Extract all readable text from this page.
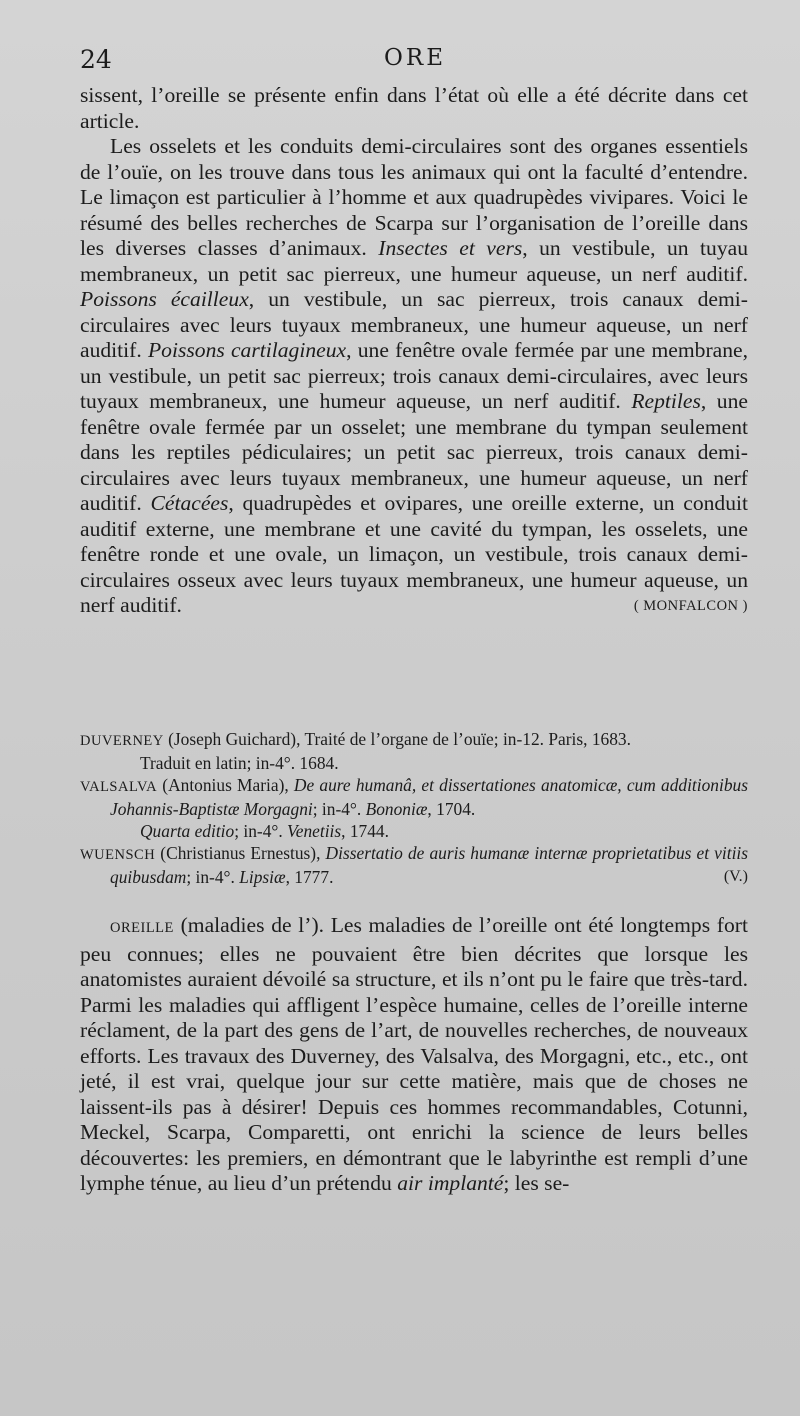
24	ORE

sissent, l’oreille se présente enfin dans l’état où elle a été décrite dans cet article.

Les osselets et les conduits demi-circulaires sont des organes essentiels de l’ouïe, on les trouve dans tous les animaux qui ont la faculté d’entendre. Le limaçon est particulier à l’homme et aux quadrupèdes vivipares. Voici le résumé des belles recherches de Scarpa sur l’organisation de l’oreille dans les diverses classes d’animaux. Insectes et vers, un vestibule, un tuyau membraneux, un petit sac pierreux, une humeur aqueuse, un nerf auditif. Poissons écailleux, un vestibule, un sac pierreux, trois canaux demi-circulaires avec leurs tuyaux membraneux, une humeur aqueuse, un nerf auditif. Poissons cartilagineux, une fenêtre ovale fermée par une membrane, un vestibule, un petit sac pierreux; trois canaux demi-circulaires, avec leurs tuyaux membraneux, une humeur aqueuse, un nerf auditif. Reptiles, une fenêtre ovale fermée par un osselet; une membrane du tympan seulement dans les reptiles pédiculaires; un petit sac pierreux, trois canaux demi-circulaires avec leurs tuyaux membraneux, une humeur aqueuse, un nerf auditif. Cétacées, quadrupèdes et ovipares, une oreille externe, un conduit auditif externe, une membrane et une cavité du tympan, les osselets, une fenêtre ronde et une ovale, un limaçon, un vestibule, trois canaux demi-circulaires osseux avec leurs tuyaux membraneux, une humeur aqueuse, un nerf auditif.	( MONFALCON )

DUVERNEY (Joseph Guichard), Traité de l’organe de l’ouïe; in-12. Paris, 1683.

Traduit en latin; in-4°. 1684.

VALSALVA (Antonius Maria), De aure humanâ, et dissertationes anatomicæ, cum additionibus Johannis-Baptistæ Morgagni; in-4°. Bononiæ, 1704.

Quarta editio; in-4°. Venetiis, 1744.

WUENSCH (Christianus Ernestus), Dissertatio de auris humanæ internæ proprietatibus et vitiis quibusdam; in-4°. Lipsiæ, 1777.	(V.)

OREILLE (maladies de l’). Les maladies de l’oreille ont été longtemps fort peu connues; elles ne pouvaient être bien décrites que lorsque les anatomistes auraient dévoilé sa structure, et ils n’ont pu le faire que très-tard. Parmi les maladies qui affligent l’espèce humaine, celles de l’oreille interne réclament, de la part des gens de l’art, de nouvelles recherches, de nouveaux efforts. Les travaux des Duverney, des Valsalva, des Morgagni, etc., etc., ont jeté, il est vrai, quelque jour sur cette matière, mais que de choses ne laissent-ils pas à désirer! Depuis ces hommes recommandables, Cotunni, Meckel, Scarpa, Comparetti, ont enrichi la science de leurs belles découvertes: les premiers, en démontrant que le labyrinthe est rempli d’une lymphe ténue, au lieu d’un prétendu air implanté; les se-
